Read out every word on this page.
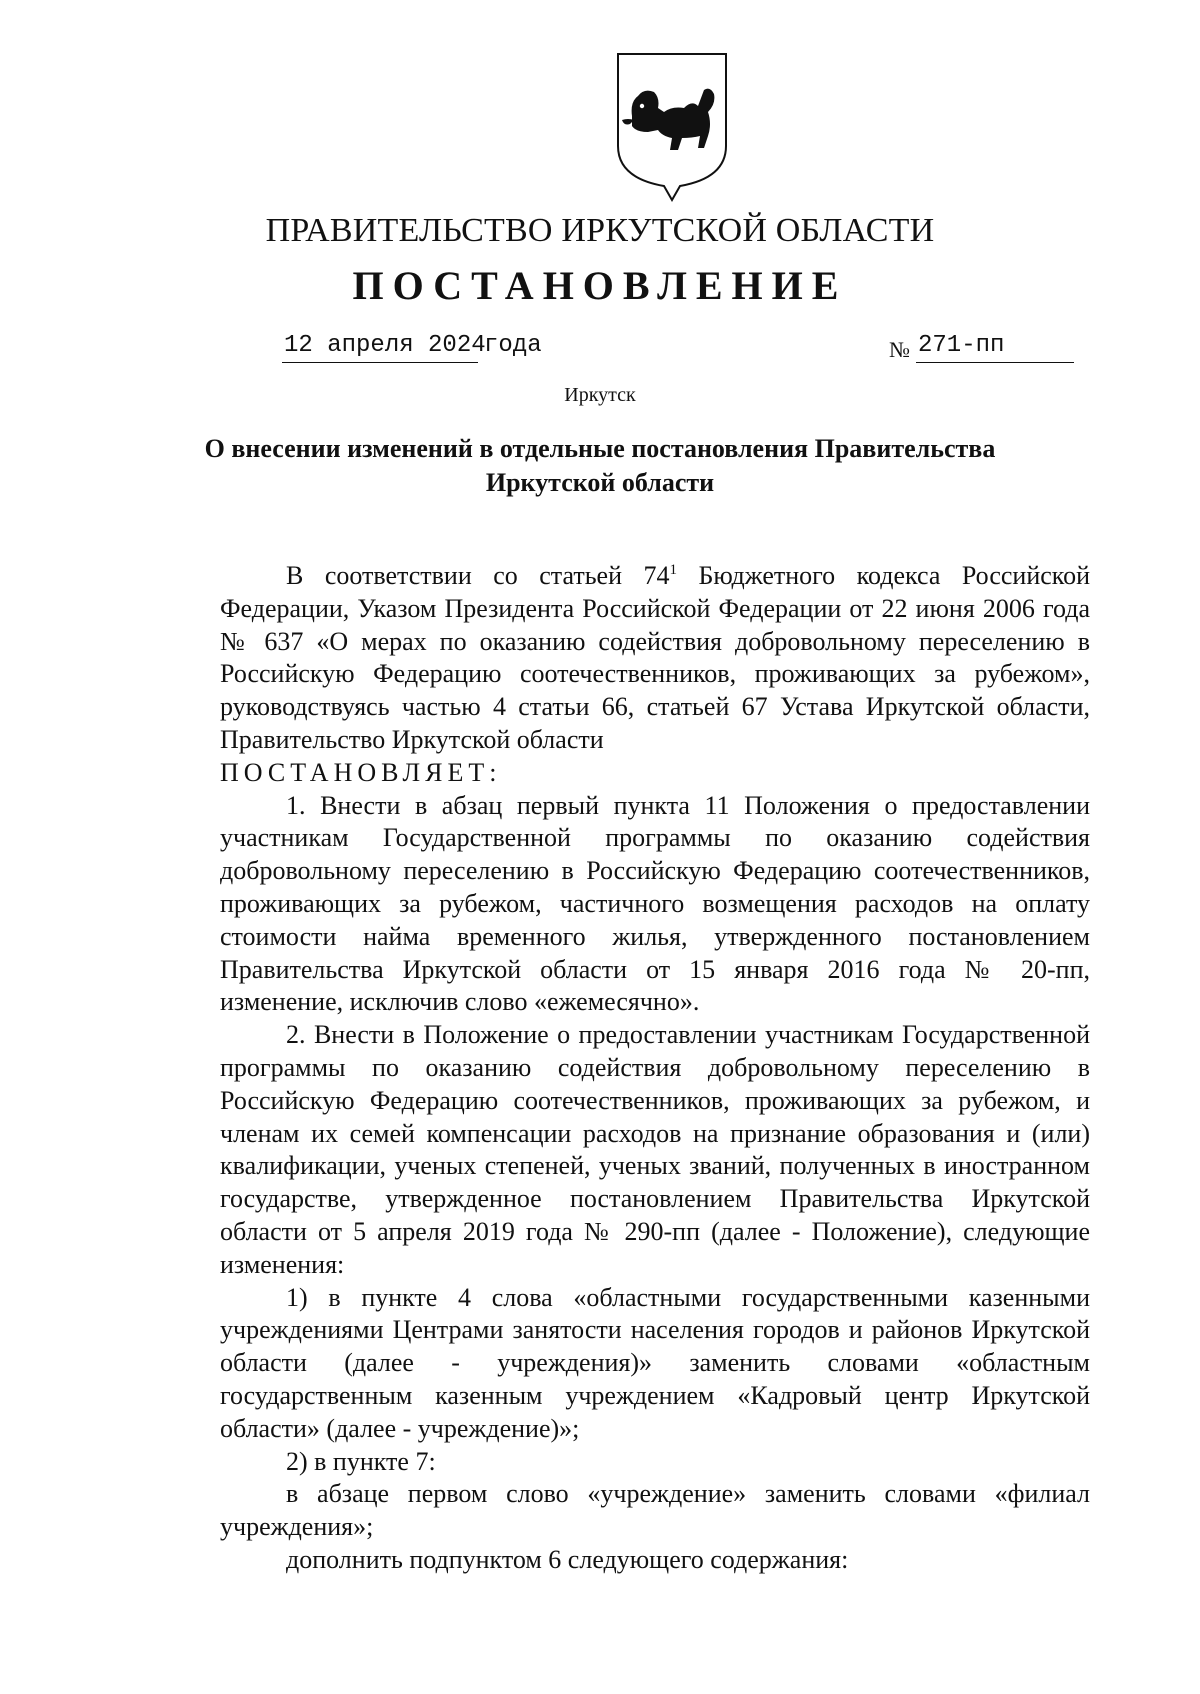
ПРАВИТЕЛЬСТВО ИРКУТСКОЙ ОБЛАСТИ
ПОСТАНОВЛЕНИЕ
12 апреля 2024
года	№ 271-пп
Иркутск
О внесении изменений в отдельные постановления Правительства
Иркутской области

В соответствии со статьей $74^1$ Бюджетного кодекса Российской Федерации, Указом Президента Российской Федерации от 22 июня 2006 года № 637 «О мерах по оказанию содействия добровольному переселению в Российскую Федерацию соотечественников, проживающих за рубежом», руководствуясь частью 4 статьи 66, статьей 67 Устава Иркутской области, Правительство Иркутской области

ПОСТАНОВЛЯЕТ:

1. Внести в абзац первый пункта 11 Положения о предоставлении участникам Государственной программы по оказанию содействия добровольному переселению в Российскую Федерацию соотечественников, проживающих за рубежом, частичного возмещения расходов на оплату стоимости найма временного жилья, утвержденного постановлением Правительства Иркутской области от 15 января 2016 года № 20-пп, изменение, исключив слово «ежемесячно».

2. Внести в Положение о предоставлении участникам Государственной программы по оказанию содействия добровольному переселению в Российскую Федерацию соотечественников, проживающих за рубежом, и членам их семей компенсации расходов на признание образования и (или) квалификации, ученых степеней, ученых званий, полученных в иностранном государстве, утвержденное постановлением Правительства Иркутской области от 5 апреля 2019 года № 290-пп (далее - Положение), следующие изменения:

1) в пункте 4 слова «областными государственными казенными учреждениями Центрами занятости населения городов и районов Иркутской области (далее - учреждения)» заменить словами «областным государственным казенным учреждением «Кадровый центр Иркутской области» (далее - учреждение)»;

2) в пункте 7:

в абзаце первом слово «учреждение» заменить словами «филиал учреждения»;

дополнить подпунктом 6 следующего содержания:
